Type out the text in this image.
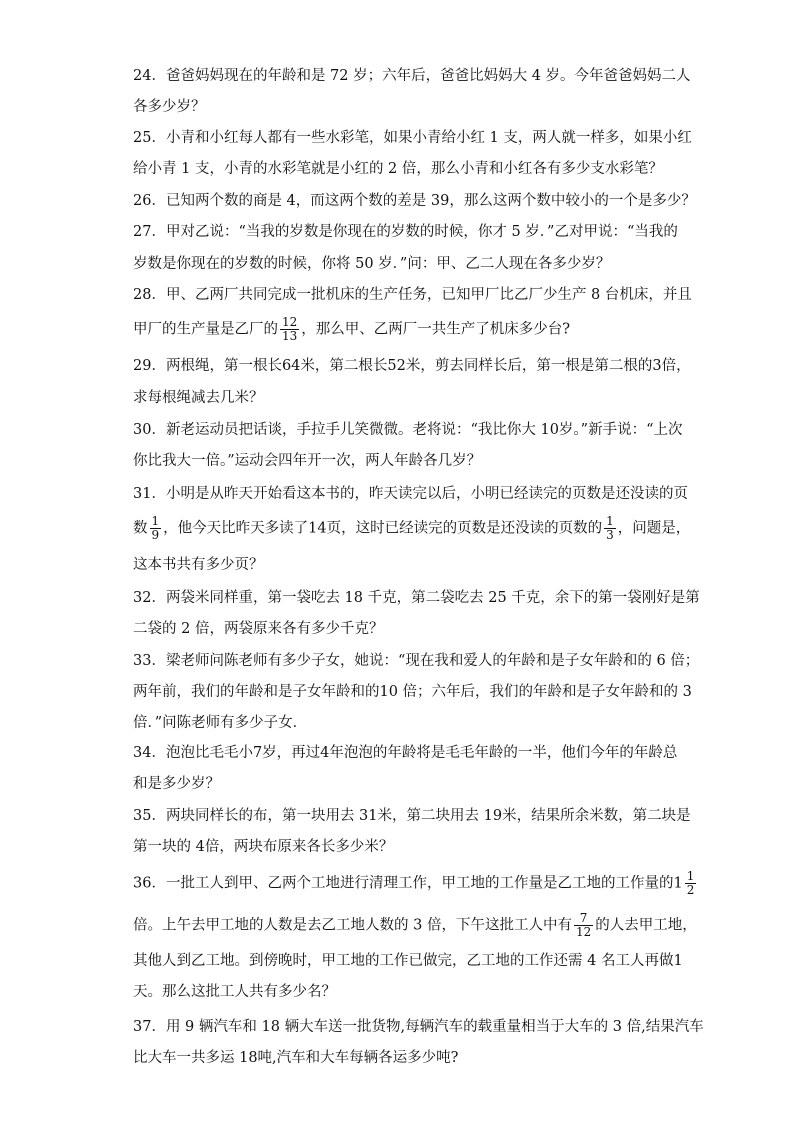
24．爸爸妈妈现在的年龄和是 72 岁；六年后，爸爸比妈妈大 4 岁。今年爸爸妈妈二人
各多少岁？
25．小青和小红每人都有一些水彩笔，如果小青给小红 1 支，两人就一样多，如果小红
给小青 1 支，小青的水彩笔就是小红的 2 倍，那么小青和小红各有多少支水彩笔？
26．已知两个数的商是 4，而这两个数的差是 39，那么这两个数中较小的一个是多少？
27．甲对乙说：“当我的岁数是你现在的岁数的时候，你才 5 岁．”乙对甲说：“当我的
岁数是你现在的岁数的时候，你将 50 岁．”问：甲、乙二人现在各多少岁？
28．甲、乙两厂共同完成一批机床的生产任务，已知甲厂比乙厂少生产 8 台机床，并且
甲厂的生产量是乙厂的 $\frac{12}{13}$ ，那么甲、乙两厂一共生产了机床多少台?
29．两根绳，第一根长64米，第二根长52米，剪去同样长后，第一根是第二根的3倍，
求每根绳减去几米？
30．新老运动员把话谈，手拉手儿笑微微。老将说：“我比你大 10岁。”新手说：“上次
你比我大一倍。”运动会四年开一次，两人年龄各几岁？
31．小明是从昨天开始看这本书的，昨天读完以后，小明已经读完的页数是还没读的页
数 $\frac{1}{9}$ ，他今天比昨天多读了14页，这时已经读完的页数是还没读的页数的 $\frac{1}{3}$ ，问题是，
这本书共有多少页？
32．两袋米同样重，第一袋吃去 18 千克，第二袋吃去 25 千克，余下的第一袋刚好是第
二袋的 2 倍，两袋原来各有多少千克？
33．梁老师问陈老师有多少子女，她说：“现在我和爱人的年龄和是子女年龄和的 6 倍；
两年前，我们的年龄和是子女年龄和的10 倍；六年后，我们的年龄和是子女年龄和的 3
倍．”问陈老师有多少子女．
34．泡泡比毛毛小7岁，再过4年泡泡的年龄将是毛毛年龄的一半，他们今年的年龄总
和是多少岁？
35．两块同样长的布，第一块用去 31米，第二块用去 19米，结果所余米数，第二块是
第一块的 4倍，两块布原来各长多少米？
36．一批工人到甲、乙两个工地进行清理工作，甲工地的工作量是乙工地的工作量的$1 \frac{1}{2}$
倍。上午去甲工地的人数是去乙工地人数的 3 倍，下午这批工人中有 $\frac{7}{12}$ 的人去甲工地，
其他人到乙工地。到傍晚时，甲工地的工作已做完，乙工地的工作还需 4 名工人再做1
天。那么这批工人共有多少名？
37．用 9 辆汽车和 18 辆大车送一批货物,每辆汽车的载重量相当于大车的 3 倍,结果汽车
比大车一共多运 18吨,汽车和大车每辆各运多少吨?
